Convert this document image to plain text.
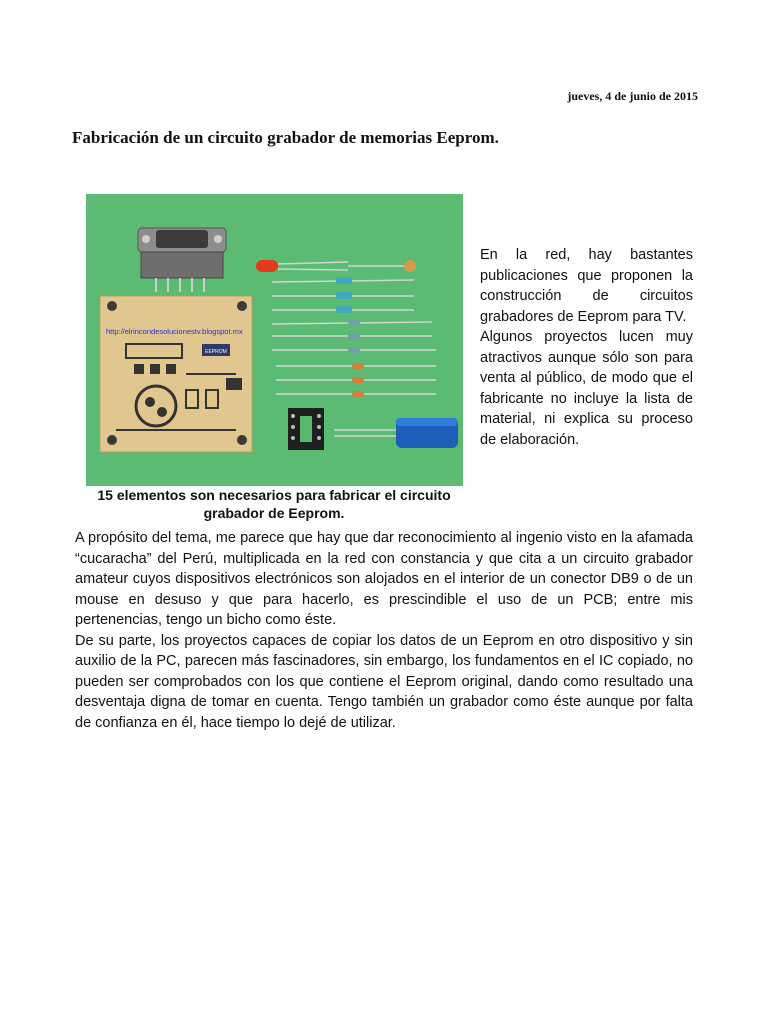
jueves, 4 de junio de 2015
Fabricación de un circuito grabador de memorias Eeprom.
EEPROM
http://elrincondesolucionestv.blogspot.mx

15 elementos son necesarios para fabricar el circuito
grabador de Eeprom.

En la red, hay bastantes publicaciones que proponen la construcción de circuitos grabadores de Eeprom para TV.

Algunos proyectos lucen muy atractivos aunque sólo son para venta al público, de modo que el fabricante no incluye la lista de material, ni explica su proceso de elaboración.

A propósito del tema, me parece que hay que dar reconocimiento al ingenio visto en la afamada “cucaracha” del Perú, multiplicada en la red con constancia y que cita a un circuito grabador amateur cuyos dispositivos electrónicos son alojados en el interior de un conector DB9 o de un mouse en desuso y que para hacerlo, es prescindible el uso de un PCB; entre mis pertenencias, tengo un bicho como éste.

De su parte, los proyectos capaces de copiar los datos de un Eeprom en otro dispositivo y sin auxilio de la PC, parecen más fascinadores, sin embargo, los fundamentos en el IC copiado, no pueden ser comprobados con los que contiene el Eeprom original, dando como resultado una desventaja digna de tomar en cuenta. Tengo también un grabador como éste aunque por falta de confianza en él, hace tiempo lo dejé de utilizar.
